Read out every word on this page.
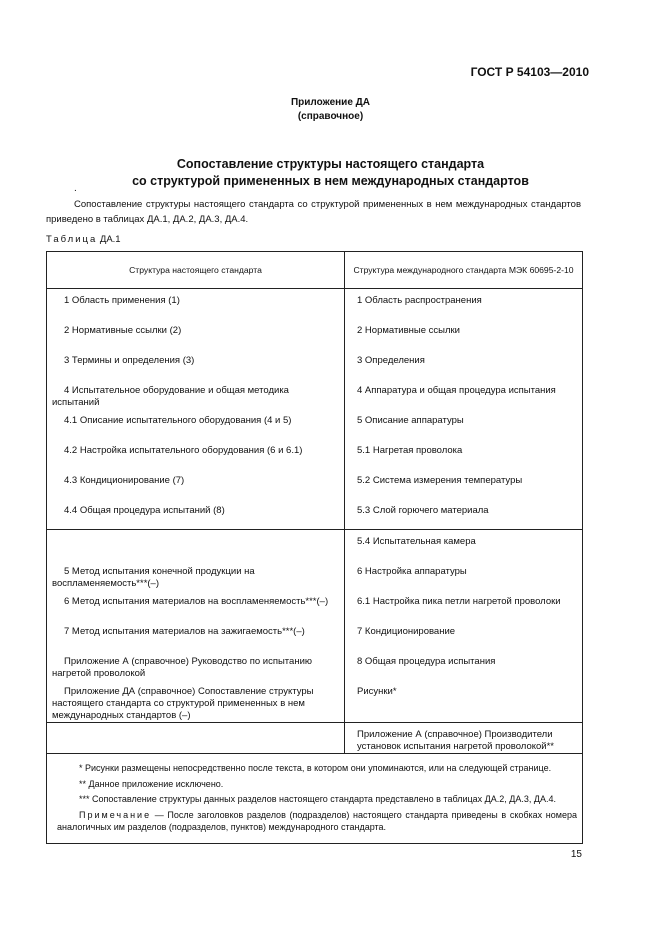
ГОСТ Р 54103—2010
Приложение ДА
(справочное)
Сопоставление структуры настоящего стандарта
со структурой примененных в нем международных стандартов
.

Сопоставление структуры настоящего стандарта со структурой примененных в нем международных стандартов приведено в таблицах ДА.1, ДА.2, ДА.3, ДА.4.

Таблица ДА.1
Структура настоящего стандарта	Структура международного стандарта МЭК 60695-2-10
1 Область применения (1)	1 Область распространения
2 Нормативные ссылки (2)	2 Нормативные ссылки
3 Термины и определения (3)	3 Определения
4 Испытательное оборудование и общая методика испытаний	4 Аппаратура и общая процедура испытания
4.1 Описание испытательного оборудования (4 и 5)	5 Описание аппаратуры
4.2 Настройка испытательного оборудования (6 и 6.1)	5.1 Нагретая проволока
4.3 Кондиционирование (7)	5.2 Система измерения температуры
4.4 Общая процедура испытаний (8)	5.3 Слой горючего материала
	5.4 Испытательная камера
5 Метод испытания конечной продукции на воспламеняемость***(–)	6 Настройка аппаратуры
6 Метод испытания материалов на воспламеняемость***(–)	6.1 Настройка пика петли нагретой проволоки
7 Метод испытания материалов на зажигаемость***(–)	7 Кондиционирование
Приложение А (справочное) Руководство по испытанию нагретой проволокой	8 Общая процедура испытания
Приложение ДА (справочное) Сопоставление структуры настоящего стандарта со структурой примененных в нем международных стандартов (–)	Рисунки*
	Приложение А (справочное) Производители установок испытания нагретой проволокой**

* Рисунки размещены непосредственно после текста, в котором они упоминаются, или на следующей странице.

** Данное приложение исключено.

*** Сопоставление структуры данных разделов настоящего стандарта представлено в таблицах ДА.2, ДА.3, ДА.4.

Примечание — После заголовков разделов (подразделов) настоящего стандарта приведены в скобках номера аналогичных им разделов (подразделов, пунктов) международного стандарта.	

15
